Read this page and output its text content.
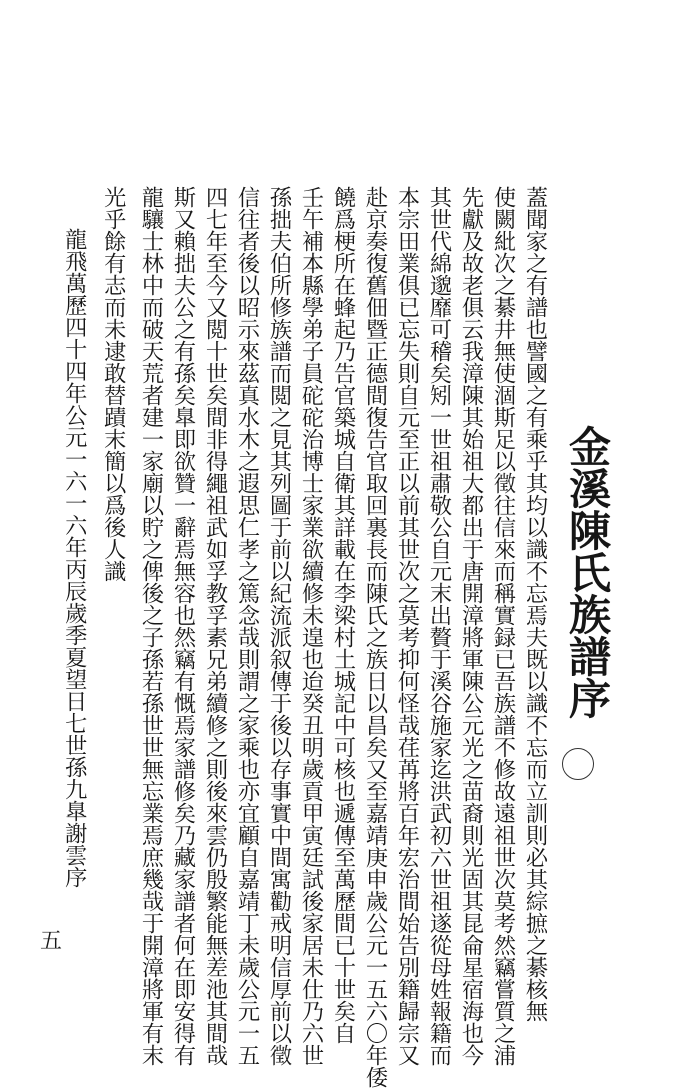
金溪陳氏族譜序
蓋聞家之有譜也譬國之有乘乎其均以識不忘焉夫既以識不忘而立訓則必其綜摭之綦核無
使闕紕次之綦井無使涸斯足以徵往信來而稱實録已吾族譜不修故遠祖世次莫考然竊嘗質之浦
先獻及故老俱云我漳陳其始祖大都出于唐開漳將軍陳公元光之苗裔則光固其昆侖星宿海也今
其世代綿邈靡可稽矣矧一世祖肅敬公自元末出贅于溪谷施家迄洪武初六世祖遂從母姓報籍而
本宗田業俱已忘失則自元至正以前其世次之莫考抑何怪哉荏苒將百年宏治間始告別籍歸宗又
赴京奏復舊佃暨正德間復告官取回裏長而陳氏之族日以昌矣又至嘉靖庚申歲公元一五六〇年倭
饒爲梗所在蜂起乃告官築城自衛其詳載在李梁村土城記中可核也遞傳至萬歷間已十世矣自
壬午補本縣學弟子員砣砣治博士家業欲續修未遑也迨癸丑明歲貢甲寅廷試後家居未仕乃六世
孫拙夫伯所修族譜而閲之見其列圖于前以紀流派叙傳于後以存事實中間寓勸戒明信厚前以徵
信往者後以昭示來茲真水木之遐思仁孝之篤念哉則謂之家乘也亦宜顧自嘉靖丁未歲公元一五
四七年至今又閲十世矣間非得繩祖武如孚教孚素兄弟續修之則後來雲仍殷繁能無差池其間哉
斯又賴拙夫公之有孫矣臯即欲贊一辭焉無容也然竊有慨焉家譜修矣乃藏家譜者何在即安得有
龍驤士林中而破天荒者建一家廟以貯之俾後之子孫若孫世世無忘業焉庶幾哉于開漳將軍有末
光乎餘有志而未逮敢替蹟末簡以爲後人識
龍飛萬歷四十四年公元一六一六年丙辰歲季夏望日七世孫九臯謝雲序
五
